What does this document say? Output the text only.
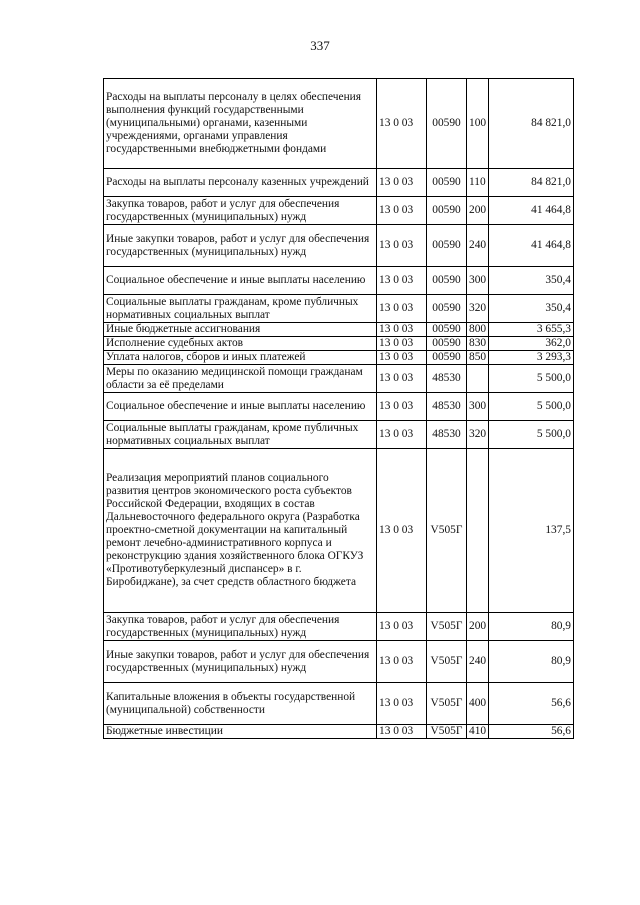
337
Расходы на выплаты персоналу в целях обеспечения выполнения функций государственными (муниципальными) органами, казенными учреждениями, органами управления государственными внебюджетными фондами	13 0 03	00590	100	84 821,0
Расходы на выплаты персоналу казенных учреждений	13 0 03	00590	110	84 821,0
Закупка товаров, работ и услуг для обеспечения государственных (муниципальных) нужд	13 0 03	00590	200	41 464,8
Иные закупки товаров, работ и услуг для обеспечения государственных (муниципальных) нужд	13 0 03	00590	240	41 464,8
Социальное обеспечение и иные выплаты населению	13 0 03	00590	300	350,4
Социальные выплаты гражданам, кроме публичных нормативных социальных выплат	13 0 03	00590	320	350,4
Иные бюджетные ассигнования	13 0 03	00590	800	3 655,3
Исполнение судебных актов	13 0 03	00590	830	362,0
Уплата налогов, сборов и иных платежей	13 0 03	00590	850	3 293,3
Меры по оказанию медицинской помощи гражданам области за её пределами	13 0 03	48530		5 500,0
Социальное обеспечение и иные выплаты населению	13 0 03	48530	300	5 500,0
Социальные выплаты гражданам, кроме публичных нормативных социальных выплат	13 0 03	48530	320	5 500,0
Реализация мероприятий планов социального развития центров экономического роста субъектов Российской Федерации, входящих в состав Дальневосточного федерального округа (Разработка проектно-сметной документации на капитальный ремонт лечебно-административного корпуса и реконструкцию здания хозяйственного блока ОГКУЗ «Противотуберкулезный диспансер» в г. Биробиджане), за счет средств областного бюджета	13 0 03	V505Г		137,5
Закупка товаров, работ и услуг для обеспечения государственных (муниципальных) нужд	13 0 03	V505Г	200	80,9
Иные закупки товаров, работ и услуг для обеспечения государственных (муниципальных) нужд	13 0 03	V505Г	240	80,9
Капитальные вложения в объекты государственной (муниципальной) собственности	13 0 03	V505Г	400	56,6
Бюджетные инвестиции	13 0 03	V505Г	410	56,6
